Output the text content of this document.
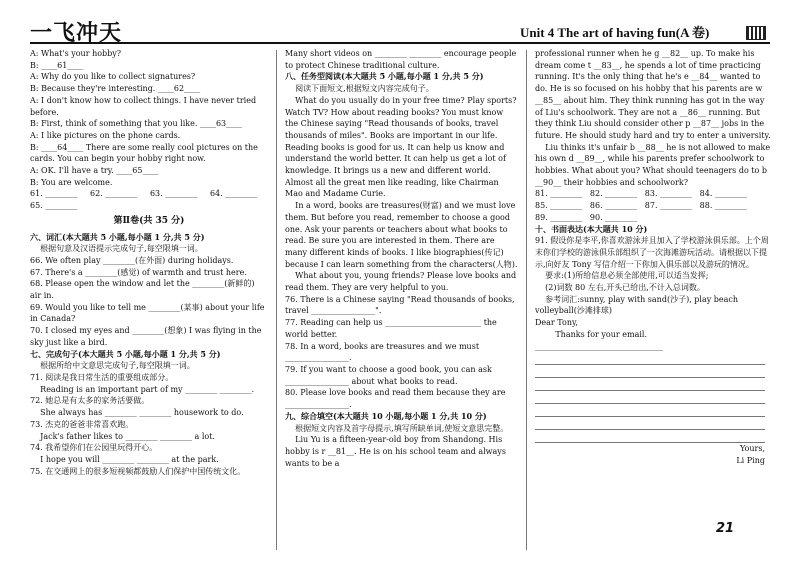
一飞冲天	Unit 4 The art of having fun(A 卷)
A: What's your hobby?
B: ____61____
A: Why do you like to collect signatures?
B: Because they're interesting. ____62____
A: I don't know how to collect things. I have never tried before.
B: First, think of something that you like. ____63____
A: I like pictures on the phone cards.
B: ____64____ There are some really cool pictures on the cards. You can begin your hobby right now.
A: OK. I'll have a try. ____65____
B: You are welcome.
61. ________     62. ________     63. ________     64. ________
65. ________
第Ⅱ卷(共 35 分)
六、词汇(本大题共 5 小题,每小题 1 分,共 5 分)
根据句意及汉语提示完成句子,每空限填一词。
66. We often play ________(在外面) during holidays.
67. There's a ________(感觉) of warmth and trust here.
68. Please open the window and let the ________(新鲜的) air in.
69. Would you like to tell me ________(某事) about your life in Canada?
70. I closed my eyes and ________(想象) I was flying in the sky just like a bird.
七、完成句子(本大题共 5 小题,每小题 1 分,共 5 分)
根据所给中文意思完成句子,每空限填一词。
71. 阅读是我日常生活的重要组成部分。
Reading is an important part of my ________ ________.
72. 她总是有太多的家务活要做。
She always has ________ ________ housework to do.
73. 杰克的爸爸非常喜欢跑。
Jack's father likes to ________ ________ a lot.
74. 我希望你们在公园里玩得开心。
I hope you will ________ ________ at the park.
75. 在交通网上的很多短视频都鼓励人们保护中国传统文化。
Many short videos on ________ ________ encourage people to protect Chinese traditional culture.
八、任务型阅读(本大题共 5 小题,每小题 1 分,共 5 分)
阅读下面短文,根据短文内容完成句子。
What do you usually do in your free time? Play sports? Watch TV? How about reading books? You must know the Chinese saying "Read thousands of books, travel thousands of miles". Books are important in our life. Reading books is good for us. It can help us know and understand the world better. It can help us get a lot of knowledge. It brings us a new and different world. Almost all the great men like reading, like Chairman Mao and Madame Curie.
In a word, books are treasures(财富) and we must love them. But before you read, remember to choose a good one. Ask your parents or teachers about what books to read. Be sure you are interested in them. There are many different kinds of books. I like biographies(传记) because I can learn something from the characters(人物).
What about you, young friends? Please love books and read them. They are very helpful to you.
76. There is a Chinese saying "Read thousands of books, travel ________________".
77. Reading can help us ________________________ the world better.
78. In a word, books are treasures and we must ________________.
79. If you want to choose a good book, you can ask ________________ about what books to read.
80. Please love books and read them because they are ________________.
九、综合填空(本大题共 10 小题,每小题 1 分,共 10 分)
根据短文内容及首字母提示,填写所缺单词,使短文意思完整。
Liu Yu is a fifteen-year-old boy from Shandong. His hobby is r __81__. He is on his school team and always wants to be a
professional runner when he g __82__ up. To make his dream come t __83__, he spends a lot of time practicing running. It's the only thing that he's e __84__ wanted to do. He is so focused on his hobby that his parents are w __85__ about him. They think running has got in the way of Liu's schoolwork. They are not a __86__ running. But they think Liu should consider other p __87__ jobs in the future. He should study hard and try to enter a university.
Liu thinks it's unfair b __88__ he is not allowed to make his own d __89__, while his parents prefer schoolwork to hobbies. What about you? What should teenagers do to b __90__ their hobbies and schoolwork?
81. ________   82. ________   83. ________   84. ________
85. ________   86. ________   87. ________   88. ________
89. ________   90. ________
十、书面表达(本大题共 10 分)
91. 假设你是李平,你喜欢游泳并且加入了学校游泳俱乐部。上个周末你们学校的游泳俱乐部组织了一次海滩游玩活动。请根据以下提示,向好友 Tony 写信介绍一下你加入俱乐部以及游玩的情况。
要求:(1)所给信息必须全部使用,可以适当发挥;
(2)词数 80 左右,开头已给出,不计入总词数。
参考词汇:sunny, play with sand(沙子), play beach volleyball(沙滩排球)
Dear Tony,
Thanks for your email. ________________________________
Yours,
Li Ping
21
